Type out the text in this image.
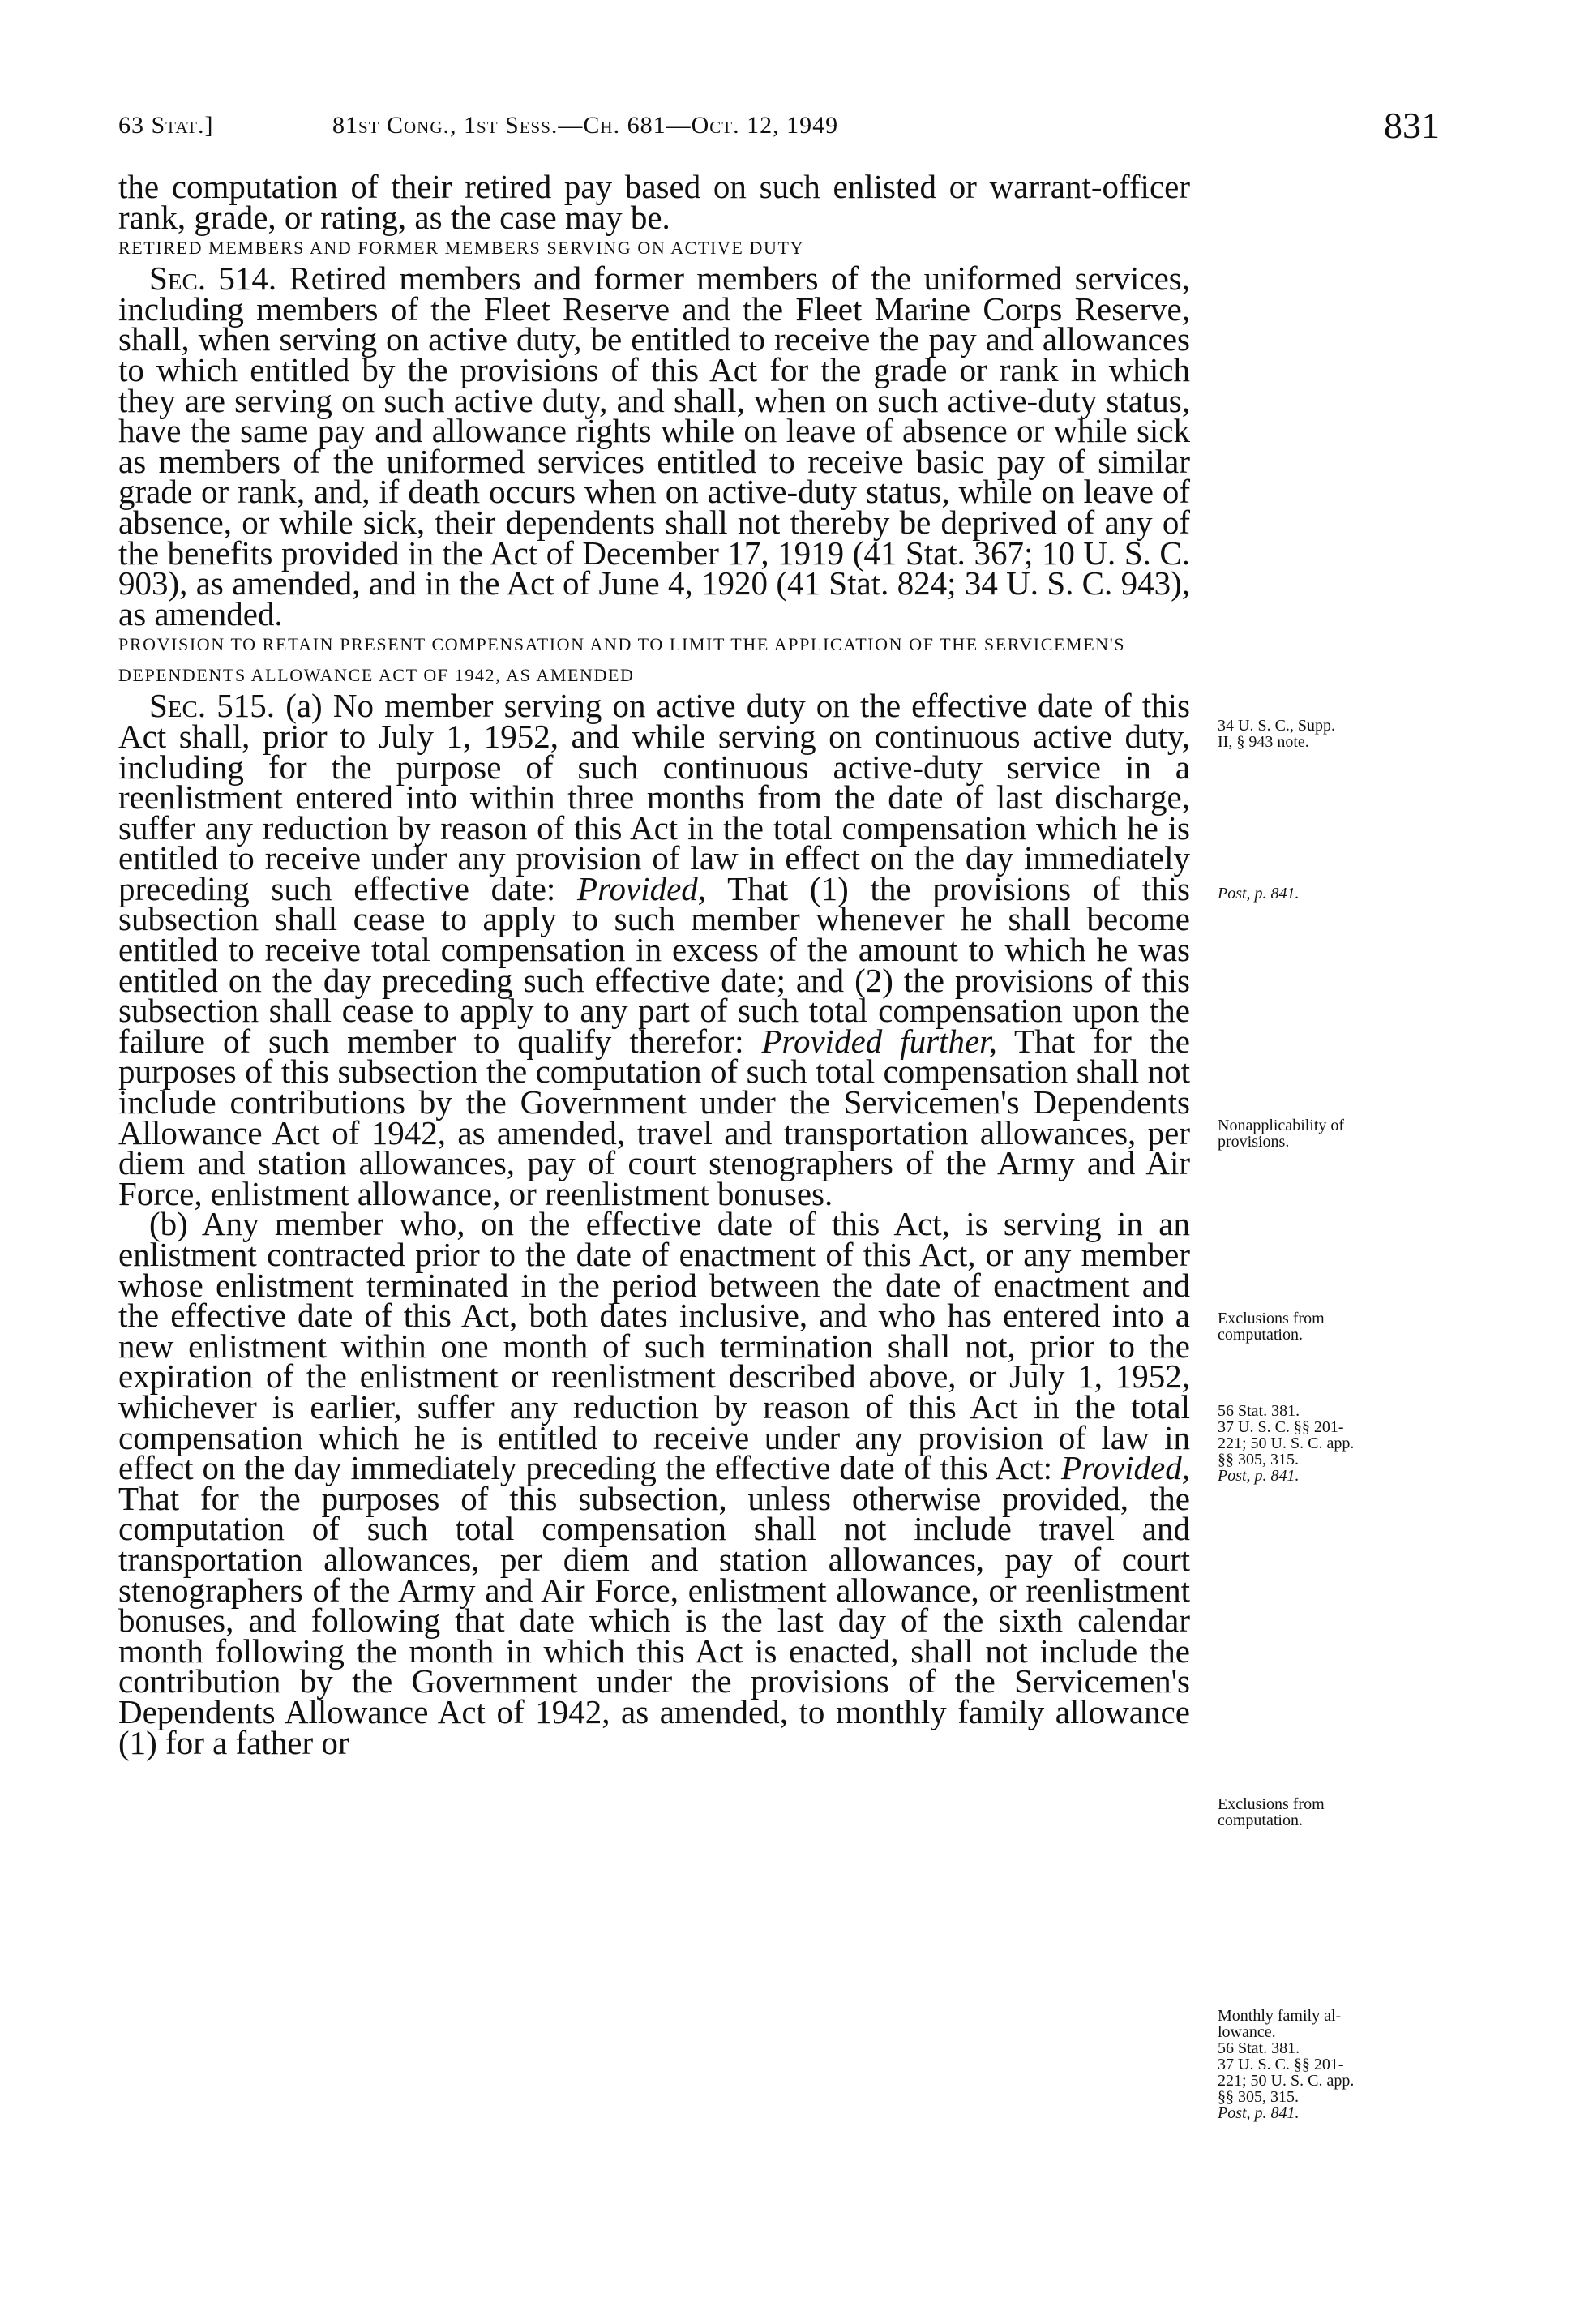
63 Stat.]	81st Cong., 1st Sess.—Ch. 681—Oct. 12, 1949	831

the computation of their retired pay based on such enlisted or warrant-officer rank, grade, or rating, as the case may be.

RETIRED MEMBERS AND FORMER MEMBERS SERVING ON ACTIVE DUTY

Sec. 514. Retired members and former members of the uniformed services, including members of the Fleet Reserve and the Fleet Marine Corps Reserve, shall, when serving on active duty, be entitled to receive the pay and allowances to which entitled by the provisions of this Act for the grade or rank in which they are serving on such active duty, and shall, when on such active-duty status, have the same pay and allowance rights while on leave of absence or while sick as members of the uniformed services entitled to receive basic pay of similar grade or rank, and, if death occurs when on active-duty status, while on leave of absence, or while sick, their dependents shall not thereby be deprived of any of the benefits provided in the Act of December 17, 1919 (41 Stat. 367; 10 U. S. C. 903), as amended, and in the Act of June 4, 1920 (41 Stat. 824; 34 U. S. C. 943), as amended.

PROVISION TO RETAIN PRESENT COMPENSATION AND TO LIMIT THE APPLICATION OF THE SERVICEMEN'S DEPENDENTS ALLOWANCE ACT OF 1942, AS AMENDED

Sec. 515. (a) No member serving on active duty on the effective date of this Act shall, prior to July 1, 1952, and while serving on continuous active duty, including for the purpose of such continuous active-duty service in a reenlistment entered into within three months from the date of last discharge, suffer any reduction by reason of this Act in the total compensation which he is entitled to receive under any provision of law in effect on the day immediately preceding such effective date: Provided, That (1) the provisions of this subsection shall cease to apply to such member whenever he shall become entitled to receive total compensation in excess of the amount to which he was entitled on the day preceding such effective date; and (2) the provisions of this subsection shall cease to apply to any part of such total compensation upon the failure of such member to qualify therefor: Provided further, That for the purposes of this subsection the computation of such total compensation shall not include contributions by the Government under the Servicemen's Dependents Allowance Act of 1942, as amended, travel and transportation allowances, per diem and station allowances, pay of court stenographers of the Army and Air Force, enlistment allowance, or reenlistment bonuses.

(b) Any member who, on the effective date of this Act, is serving in an enlistment contracted prior to the date of enactment of this Act, or any member whose enlistment terminated in the period between the date of enactment and the effective date of this Act, both dates inclusive, and who has entered into a new enlistment within one month of such termination shall not, prior to the expiration of the enlistment or reenlistment described above, or July 1, 1952, whichever is earlier, suffer any reduction by reason of this Act in the total compensation which he is entitled to receive under any provision of law in effect on the day immediately preceding the effective date of this Act: Provided, That for the purposes of this subsection, unless otherwise provided, the computation of such total compensation shall not include travel and transportation allowances, per diem and station allowances, pay of court stenographers of the Army and Air Force, enlistment allowance, or reenlistment bonuses, and following that date which is the last day of the sixth calendar month following the month in which this Act is enacted, shall not include the contribution by the Government under the provisions of the Servicemen's Dependents Allowance Act of 1942, as amended, to monthly family allowance (1) for a father or

34 U. S. C., Supp.
II, § 943 note.
Post, p. 841.
Nonapplicability of
provisions.
Exclusions from
computation.
56 Stat. 381.
37 U. S. C. §§ 201-
221; 50 U. S. C. app.
§§ 305, 315.
Post, p. 841.
Exclusions from
computation.
Monthly family al-
lowance.
56 Stat. 381.
37 U. S. C. §§ 201-
221; 50 U. S. C. app.
§§ 305, 315.
Post, p. 841.
